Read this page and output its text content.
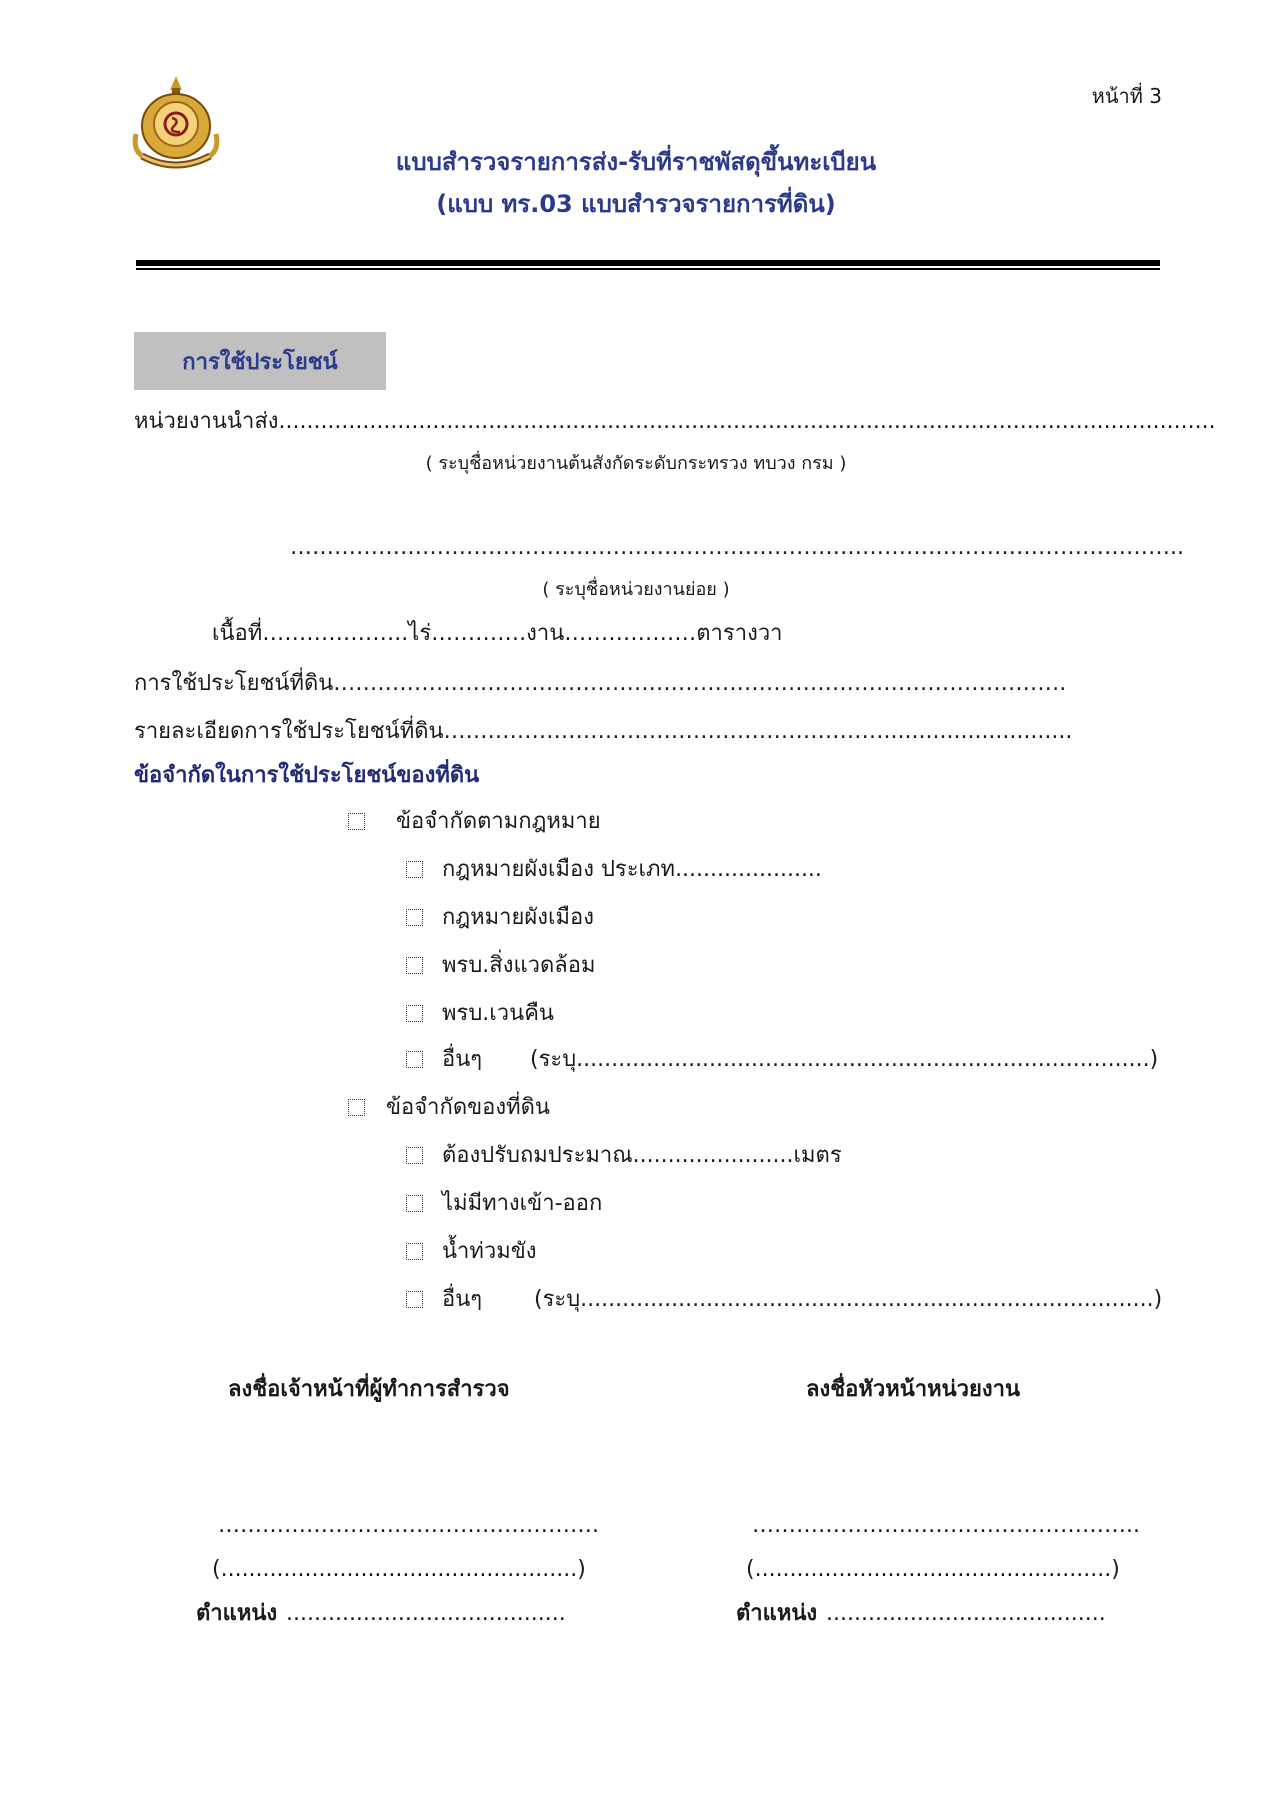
หน้าที่ 3
แบบสำรวจรายการส่ง-รับที่ราชพัสดุขึ้นทะเบียน
(แบบ ทร.03 แบบสำรวจรายการที่ดิน)
การใช้ประโยชน์
หน่วยงานนำส่ง......................................................................................................................................
( ระบุชื่อหน่วยงานต้นสังกัดระดับกระทรวง ทบวง กรม )
…………………………………………………………………………………………………………..
( ระบุชื่อหน่วยงานย่อย )
เนื้อที่………………..ไร่………….งาน………………ตารางวา
การใช้ประโยชน์ที่ดิน……………………………………………………………………………………….
รายละเอียดการใช้ประโยชน์ที่ดิน……………………………………………………...........................
ข้อจำกัดในการใช้ประโยชน์ของที่ดิน
ข้อจำกัดตามกฎหมาย
กฎหมายผังเมือง ประเภท.....................
กฎหมายผังเมือง
พรบ.สิ่งแวดล้อม
พรบ.เวนคืน
อื่นๆ (ระบุ..................................................................................)
ข้อจำกัดของที่ดิน
ต้องปรับถมประมาณ.......................เมตร
ไม่มีทางเข้า-ออก
น้ำท่วมขัง
อื่นๆ (ระบุ..................................................................................)
ลงชื่อเจ้าหน้าที่ผู้ทำการสำรวจ	ลงชื่อหัวหน้าหน่วยงาน
…………………………………………….	……………………………………………..
(...................................................)	(...................................................)
ตำแหน่ง ........................................	ตำแหน่ง ........................................
